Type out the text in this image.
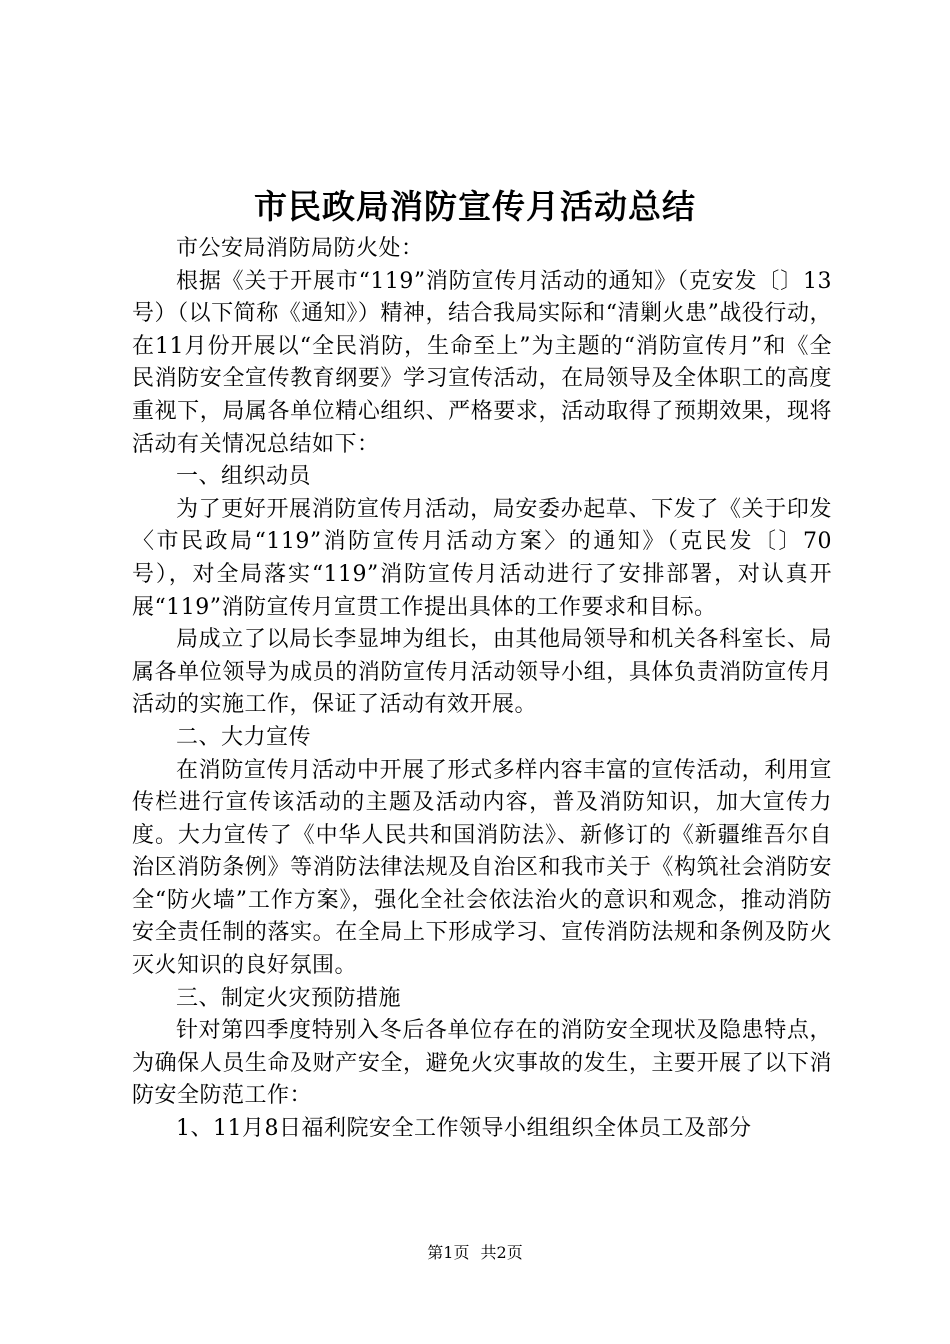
市民政局消防宣传月活动总结

市公安局消防局防火处：

根据《关于开展市“119”消防宣传月活动的通知》（克安发〔〕13号）（以下简称《通知》）精神，结合我局实际和“清剿火患”战役行动，在11月份开展以“全民消防，生命至上”为主题的“消防宣传月”和《全民消防安全宣传教育纲要》学习宣传活动，在局领导及全体职工的高度重视下，局属各单位精心组织、严格要求，活动取得了预期效果，现将活动有关情况总结如下：

一、组织动员

为了更好开展消防宣传月活动，局安委办起草、下发了《关于印发〈市民政局“119”消防宣传月活动方案〉的通知》（克民发〔〕70号），对全局落实“119”消防宣传月活动进行了安排部署，对认真开展“119”消防宣传月宣贯工作提出具体的工作要求和目标。

局成立了以局长李显坤为组长，由其他局领导和机关各科室长、局属各单位领导为成员的消防宣传月活动领导小组，具体负责消防宣传月活动的实施工作，保证了活动有效开展。

二、大力宣传

在消防宣传月活动中开展了形式多样内容丰富的宣传活动，利用宣传栏进行宣传该活动的主题及活动内容，普及消防知识，加大宣传力度。大力宣传了《中华人民共和国消防法》、新修订的《新疆维吾尔自治区消防条例》等消防法律法规及自治区和我市关于《构筑社会消防安全“防火墙”工作方案》，强化全社会依法治火的意识和观念，推动消防安全责任制的落实。在全局上下形成学习、宣传消防法规和条例及防火灭火知识的良好氛围。

三、制定火灾预防措施

针对第四季度特别入冬后各单位存在的消防安全现状及隐患特点，为确保人员生命及财产安全，避免火灾事故的发生，主要开展了以下消防安全防范工作：

1、11月8日福利院安全工作领导小组组织全体员工及部分

第1页 共2页
